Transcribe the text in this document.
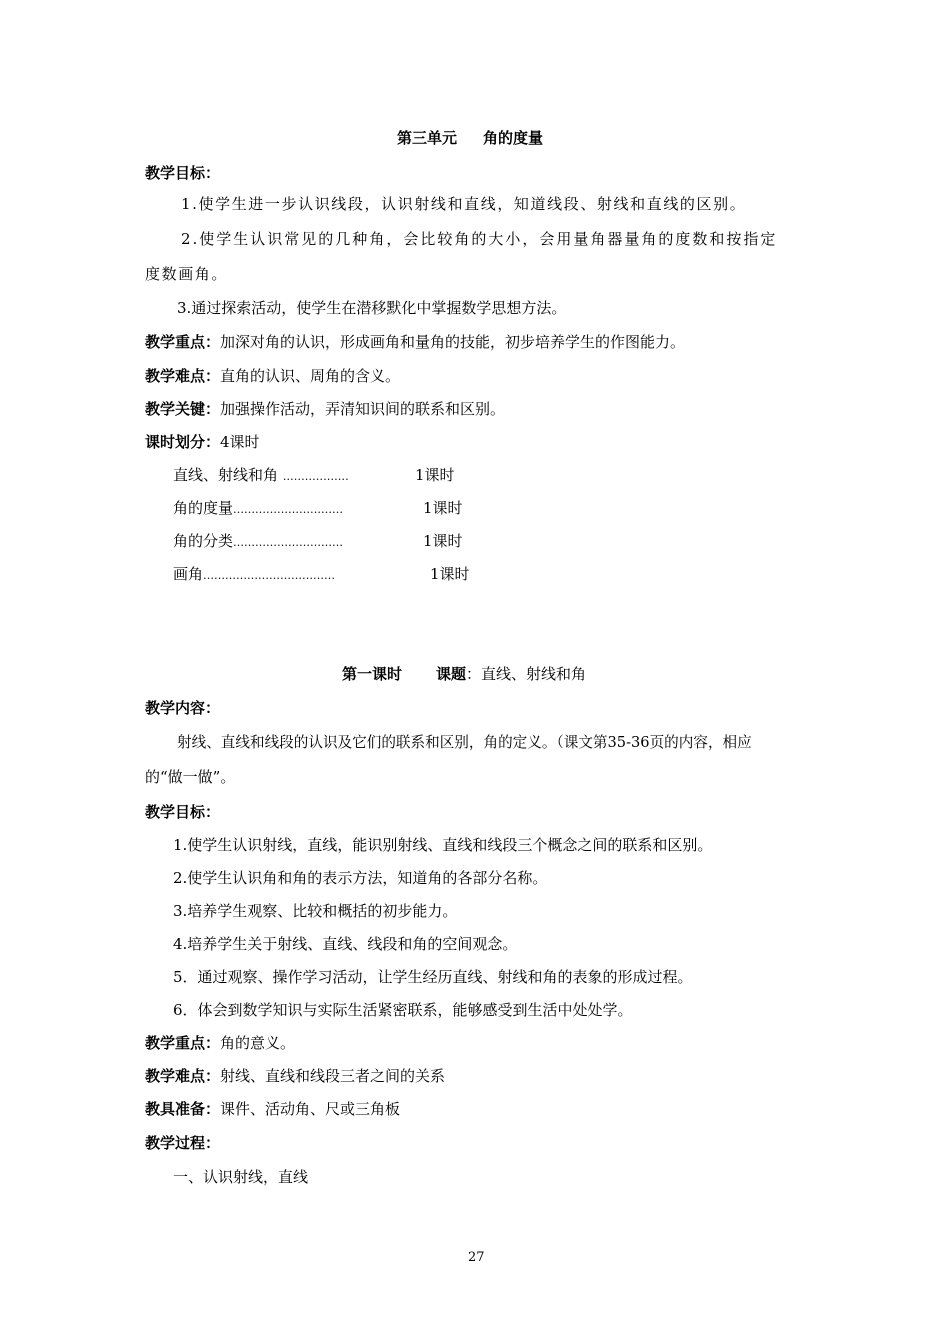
第三单元 角的度量
教学目标：
1.使学生进一步认识线段，认识射线和直线，知道线段、射线和直线的区别。
2.使学生认识常见的几种角，会比较角的大小，会用量角器量角的度数和按指定
度数画角。
3.通过探索活动，使学生在潜移默化中掌握数学思想方法。
教学重点：加深对角的认识，形成画角和量角的技能，初步培养学生的作图能力。
教学难点：直角的认识、周角的含义。
教学关键：加强操作活动，弄清知识间的联系和区别。
课时划分：4课时
直线、射线和角 ………………	1课时
角的度量…………………………	1课时
角的分类…………………………	1课时
画角………………………………	1课时
第一课时 课题：直线、射线和角
教学内容：
射线、直线和线段的认识及它们的联系和区别，角的定义。（课文第35-36页的内容，相应
的“做一做”。
教学目标：
1.使学生认识射线，直线，能识别射线、直线和线段三个概念之间的联系和区别。
2.使学生认识角和角的表示方法，知道角的各部分名称。
3.培养学生观察、比较和概括的初步能力。
4.培养学生关于射线、直线、线段和角的空间观念。
5．通过观察、操作学习活动，让学生经历直线、射线和角的表象的形成过程。
6．体会到数学知识与实际生活紧密联系，能够感受到生活中处处学。
教学重点：角的意义。
教学难点：射线、直线和线段三者之间的关系
教具准备：课件、活动角、尺或三角板
教学过程：
一、认识射线，直线
27
